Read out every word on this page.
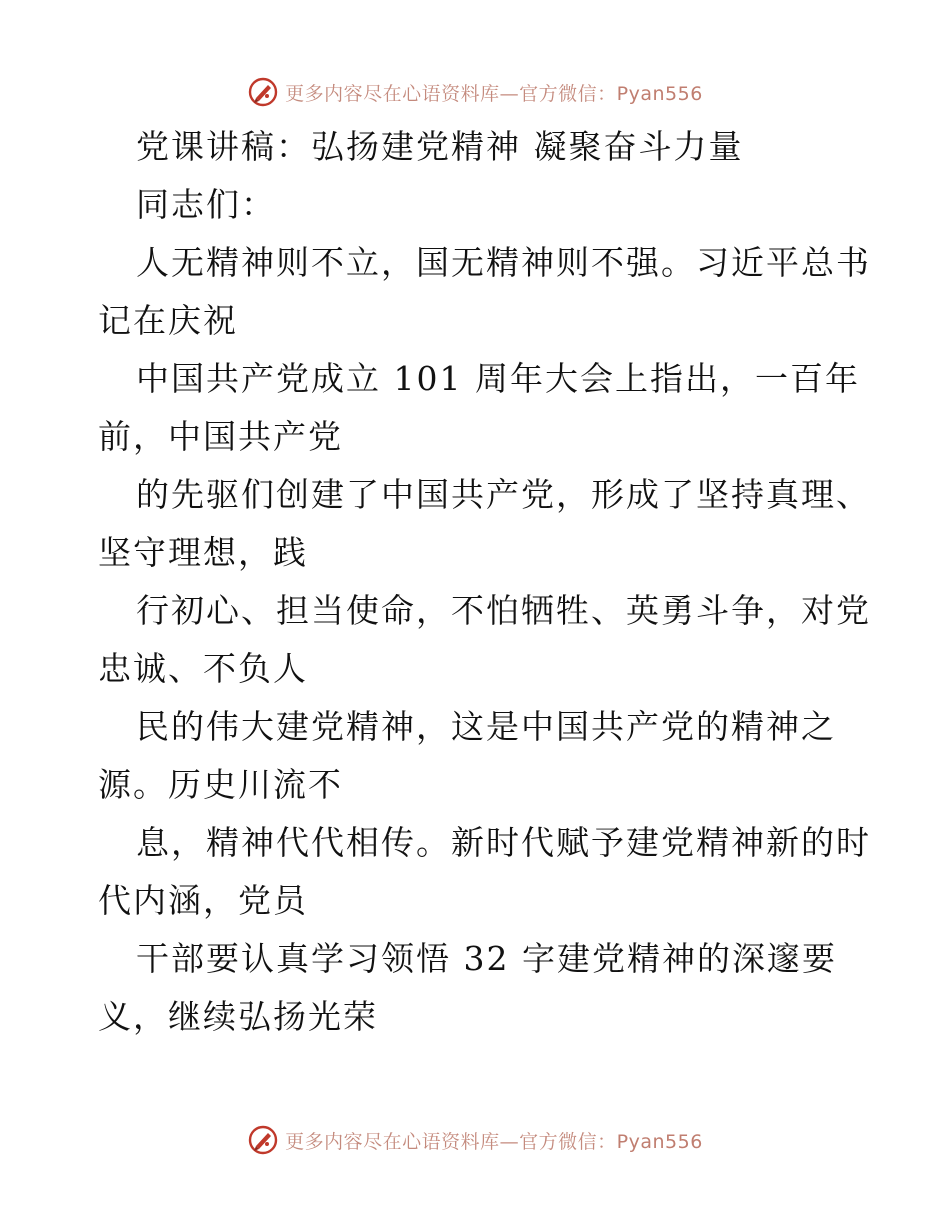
更多内容尽在心语资料库—官方微信：Pyan556
党课讲稿：弘扬建党精神 凝聚奋斗力量
同志们：
人无精神则不立，国无精神则不强。习近平总书
记在庆祝
中国共产党成立 101 周年大会上指出，一百年
前，中国共产党
的先驱们创建了中国共产党，形成了坚持真理、
坚守理想，践
行初心、担当使命，不怕牺牲、英勇斗争，对党
忠诚、不负人
民的伟大建党精神，这是中国共产党的精神之
源。历史川流不
息，精神代代相传。新时代赋予建党精神新的时
代内涵，党员
干部要认真学习领悟 32 字建党精神的深邃要
义，继续弘扬光荣
更多内容尽在心语资料库—官方微信：Pyan556
